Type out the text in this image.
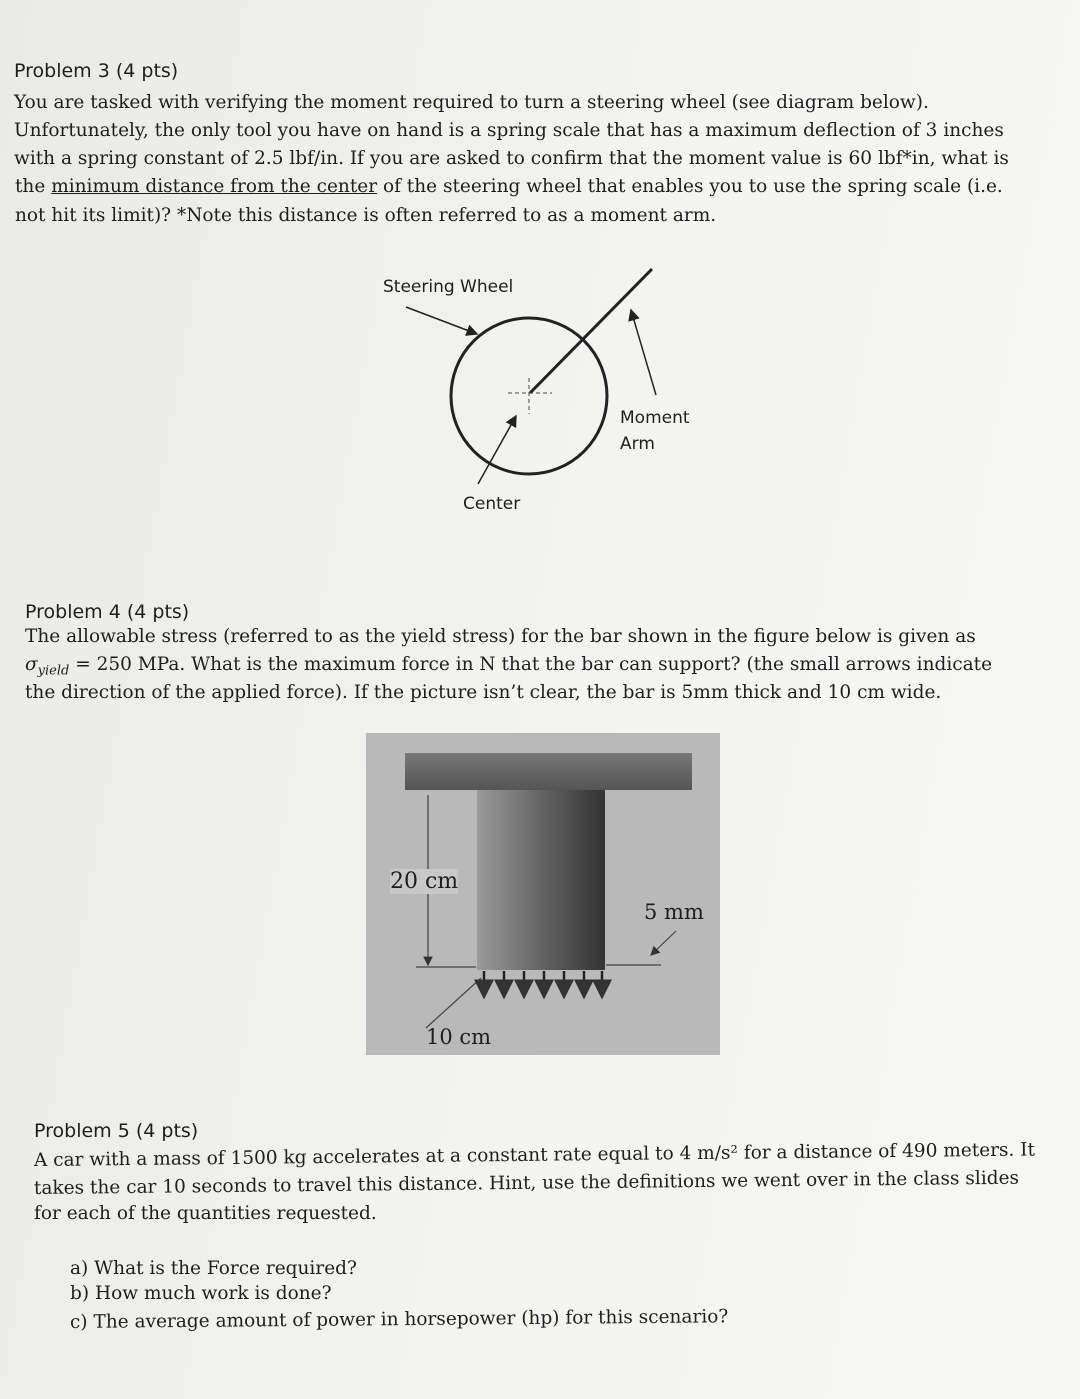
Problem 3 (4 pts)
You are tasked with verifying the moment required to turn a steering wheel (see diagram below).
Unfortunately, the only tool you have on hand is a spring scale that has a maximum deflection of 3 inches
with a spring constant of 2.5 lbf/in. If you are asked to confirm that the moment value is 60 lbf*in, what is
the minimum distance from the center of the steering wheel that enables you to use the spring scale (i.e.
not hit its limit)? *Note this distance is often referred to as a moment arm.
Steering Wheel
Moment
Arm
Center
Problem 4 (4 pts)
The allowable stress (referred to as the yield stress) for the bar shown in the figure below is given as
$\sigma_{yield} = 250$ MPa. What is the maximum force in N that the bar can support? (the small arrows indicate
the direction of the applied force). If the picture isn’t clear, the bar is 5mm thick and 10 cm wide.
20 cm
5 mm
10 cm
Problem 5 (4 pts)
A car with a mass of 1500 kg accelerates at a constant rate equal to 4 m/s² for a distance of 490 meters. It
takes the car 10 seconds to travel this distance. Hint, use the definitions we went over in the class slides
for each of the quantities requested.
a) What is the Force required?
b) How much work is done?
c) The average amount of power in horsepower (hp) for this scenario?
